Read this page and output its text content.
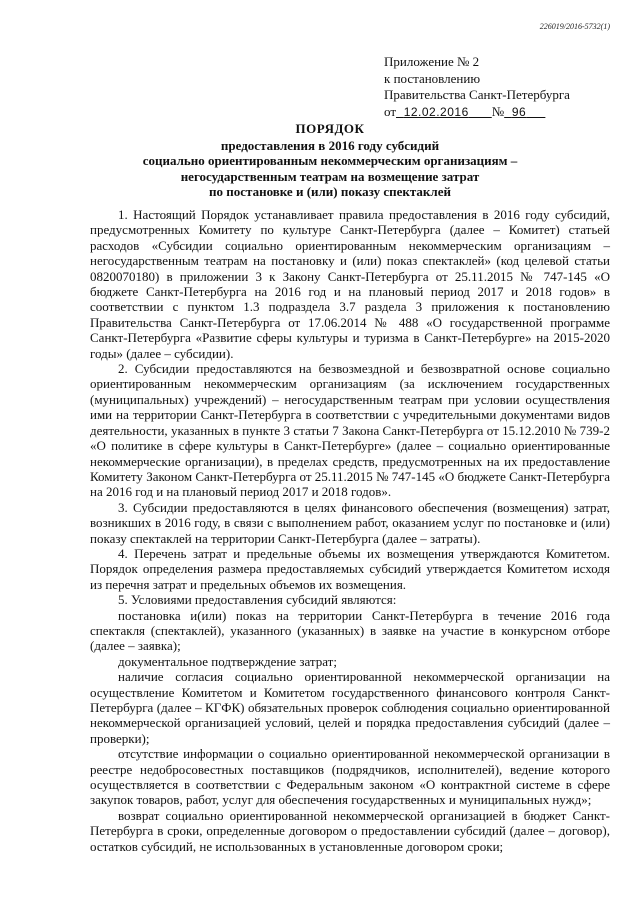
226019/2016-5732(1)
Приложение № 2
к постановлению
Правительства Санкт-Петербурга
от 12.02.2016 № 96
ПОРЯДОК
предоставления в 2016 году субсидий
социально ориентированным некоммерческим организациям –
негосударственным театрам на возмещение затрат
по постановке и (или) показу спектаклей

1. Настоящий Порядок устанавливает правила предоставления в 2016 году субсидий, предусмотренных Комитету по культуре Санкт-Петербурга (далее – Комитет) статьей расходов «Субсидии социально ориентированным некоммерческим организациям – негосударственным театрам на постановку и (или) показ спектаклей» (код целевой статьи 0820070180) в приложении 3 к Закону Санкт-Петербурга от 25.11.2015 № 747-145 «О бюджете Санкт-Петербурга на 2016 год и на плановый период 2017 и 2018 годов» в соответствии с пунктом 1.3 подраздела 3.7 раздела 3 приложения к постановлению Правительства Санкт-Петербурга от 17.06.2014 № 488 «О государственной программе Санкт-Петербурга «Развитие сферы культуры и туризма в Санкт-Петербурге» на 2015-2020 годы» (далее – субсидии).

2. Субсидии предоставляются на безвозмездной и безвозвратной основе социально ориентированным некоммерческим организациям (за исключением государственных (муниципальных) учреждений) – негосударственным театрам при условии осуществления ими на территории Санкт-Петербурга в соответствии с учредительными документами видов деятельности, указанных в пункте 3 статьи 7 Закона Санкт-Петербурга от 15.12.2010 № 739-2 «О политике в сфере культуры в Санкт-Петербурге» (далее – социально ориентированные некоммерческие организации), в пределах средств, предусмотренных на их предоставление Комитету Законом Санкт-Петербурга от 25.11.2015 № 747-145 «О бюджете Санкт-Петербурга на 2016 год и на плановый период 2017 и 2018 годов».

3. Субсидии предоставляются в целях финансового обеспечения (возмещения) затрат, возникших в 2016 году, в связи с выполнением работ, оказанием услуг по постановке и (или) показу спектаклей на территории Санкт-Петербурга (далее – затраты).

4. Перечень затрат и предельные объемы их возмещения утверждаются Комитетом. Порядок определения размера предоставляемых субсидий утверждается Комитетом исходя из перечня затрат и предельных объемов их возмещения.

5. Условиями предоставления субсидий являются:

постановка и(или) показ на территории Санкт-Петербурга в течение 2016 года спектакля (спектаклей), указанного (указанных) в заявке на участие в конкурсном отборе (далее – заявка);

документальное подтверждение затрат;

наличие согласия социально ориентированной некоммерческой организации на осуществление Комитетом и Комитетом государственного финансового контроля Санкт-Петербурга (далее – КГФК) обязательных проверок соблюдения социально ориентированной некоммерческой организацией условий, целей и порядка предоставления субсидий (далее – проверки);

отсутствие информации о социально ориентированной некоммерческой организации в реестре недобросовестных поставщиков (подрядчиков, исполнителей), ведение которого осуществляется в соответствии с Федеральным законом «О контрактной системе в сфере закупок товаров, работ, услуг для обеспечения государственных и муниципальных нужд»;

возврат социально ориентированной некоммерческой организацией в бюджет Санкт-Петербурга в сроки, определенные договором о предоставлении субсидий (далее – договор), остатков субсидий, не использованных в установленные договором сроки;
